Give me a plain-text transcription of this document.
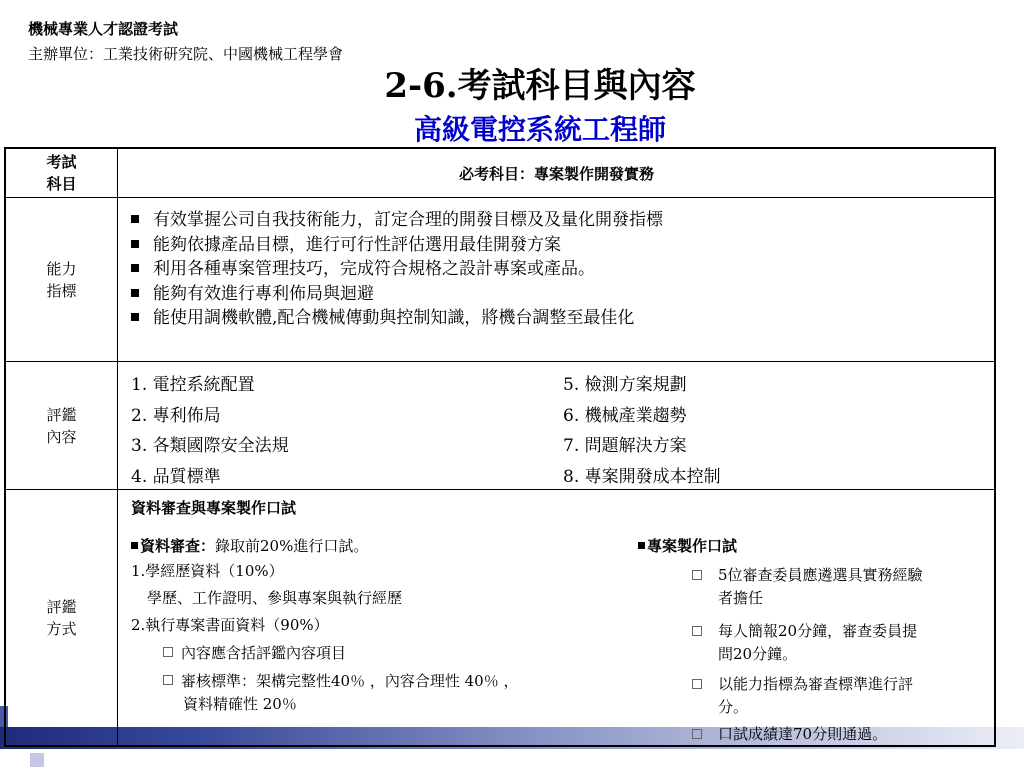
機械專業人才認證考試
主辦單位：工業技術研究院、中國機械工程學會
2-6.考試科目與內容
高級電控系統工程師
考試
科目
必考科目：專案製作開發實務
能力
指標
有效掌握公司自我技術能力，訂定合理的開發目標及及量化開發指標
能夠依據產品目標，進行可行性評估選用最佳開發方案
利用各種專案管理技巧，完成符合規格之設計專案或產品。
能夠有效進行專利佈局與迴避
能使用調機軟體,配合機械傳動與控制知識，將機台調整至最佳化
評鑑
內容
1. 電控系統配置
2. 專利佈局
3. 各類國際安全法規
4. 品質標準
5. 檢測方案規劃
6. 機械產業趨勢
7. 問題解決方案
8. 專案開發成本控制
評鑑
方式
資料審查與專案製作口試
資料審查：錄取前20%進行口試。
1.學經歷資料（10%）
學歷、工作證明、參與專案與執行經歷
2.執行專案書面資料（90%）
內容應含括評鑑內容項目
審核標準：架構完整性40％ ，內容合理性 40％ ，
資料精確性 20％
專案製作口試
5位審查委員應遴選具實務經驗
者擔任
每人簡報20分鐘，審查委員提
問20分鐘。
以能力指標為審查標準進行評
分。
口試成績達70分則通過。
